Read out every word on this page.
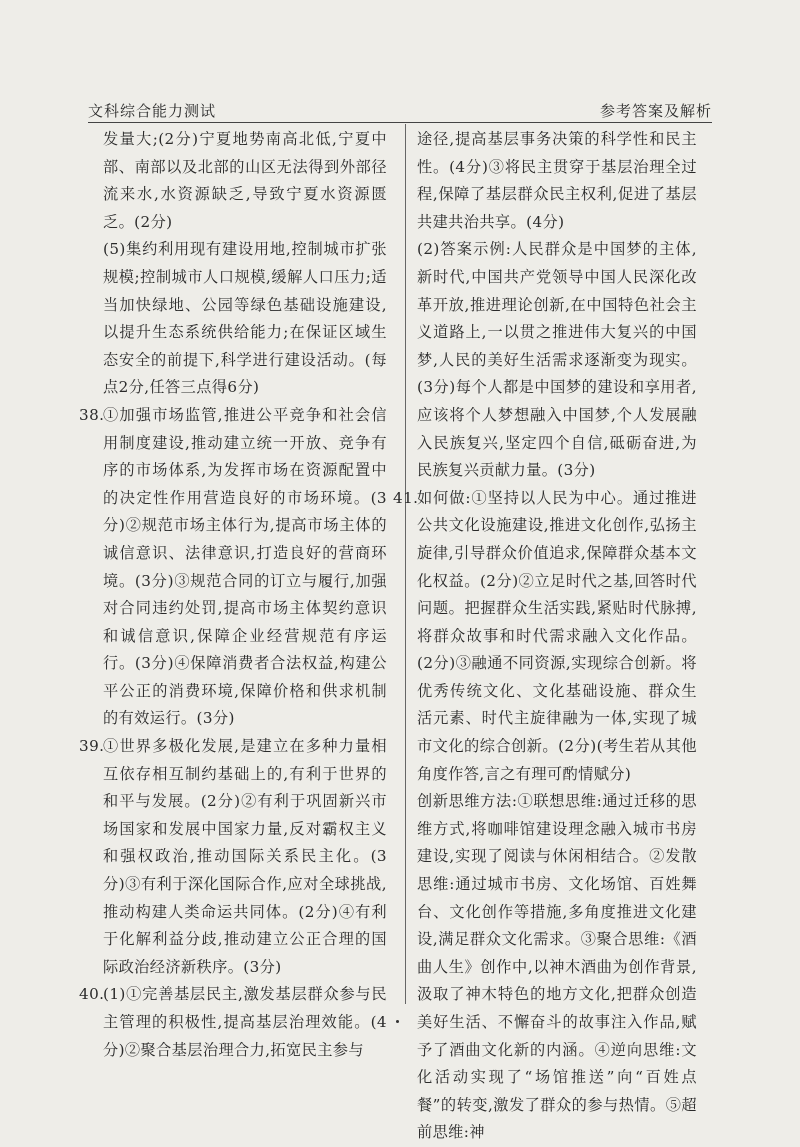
文科综合能力测试	参考答案及解析

发量大;(2分)宁夏地势南高北低,宁夏中部、南部以及北部的山区无法得到外部径流来水,水资源缺乏,导致宁夏水资源匮乏。(2分)

(5)集约利用现有建设用地,控制城市扩张规模;控制城市人口规模,缓解人口压力;适当加快绿地、公园等绿色基础设施建设,以提升生态系统供给能力;在保证区域生态安全的前提下,科学进行建设活动。(每点2分,任答三点得6分)

38.

①加强市场监管,推进公平竞争和社会信用制度建设,推动建立统一开放、竞争有序的市场体系,为发挥市场在资源配置中的决定性作用营造良好的市场环境。(3分)②规范市场主体行为,提高市场主体的诚信意识、法律意识,打造良好的营商环境。(3分)③规范合同的订立与履行,加强对合同违约处罚,提高市场主体契约意识和诚信意识,保障企业经营规范有序运行。(3分)④保障消费者合法权益,构建公平公正的消费环境,保障价格和供求机制的有效运行。(3分)

39.

①世界多极化发展,是建立在多种力量相互依存相互制约基础上的,有利于世界的和平与发展。(2分)②有利于巩固新兴市场国家和发展中国家力量,反对霸权主义和强权政治,推动国际关系民主化。(3分)③有利于深化国际合作,应对全球挑战,推动构建人类命运共同体。(2分)④有利于化解利益分歧,推动建立公正合理的国际政治经济新秩序。(3分)

40.

(1)①完善基层民主,激发基层群众参与民主管理的积极性,提高基层治理效能。(4分)②聚合基层治理合力,拓宽民主参与

途径,提高基层事务决策的科学性和民主性。(4分)③将民主贯穿于基层治理全过程,保障了基层群众民主权利,促进了基层共建共治共享。(4分)

(2)答案示例:人民群众是中国梦的主体,新时代,中国共产党领导中国人民深化改革开放,推进理论创新,在中国特色社会主义道路上,一以贯之推进伟大复兴的中国梦,人民的美好生活需求逐渐变为现实。(3分)每个人都是中国梦的建设和享用者,应该将个人梦想融入中国梦,个人发展融入民族复兴,坚定四个自信,砥砺奋进,为民族复兴贡献力量。(3分)

41.

如何做:①坚持以人民为中心。通过推进公共文化设施建设,推进文化创作,弘扬主旋律,引导群众价值追求,保障群众基本文化权益。(2分)②立足时代之基,回答时代问题。把握群众生活实践,紧贴时代脉搏,将群众故事和时代需求融入文化作品。(2分)③融通不同资源,实现综合创新。将优秀传统文化、文化基础设施、群众生活元素、时代主旋律融为一体,实现了城市文化的综合创新。(2分)(考生若从其他角度作答,言之有理可酌情赋分)

创新思维方法:①联想思维:通过迁移的思维方式,将咖啡馆建设理念融入城市书房建设,实现了阅读与休闲相结合。②发散思维:通过城市书房、文化场馆、百姓舞台、文化创作等措施,多角度推进文化建设,满足群众文化需求。③聚合思维:《酒曲人生》创作中,以神木酒曲为创作背景,汲取了神木特色的地方文化,把群众创造美好生活、不懈奋斗的故事注入作品,赋予了酒曲文化新的内涵。④逆向思维:文化活动实现了“场馆推送”向“百姓点餐”的转变,激发了群众的参与热情。⑤超前思维:神
